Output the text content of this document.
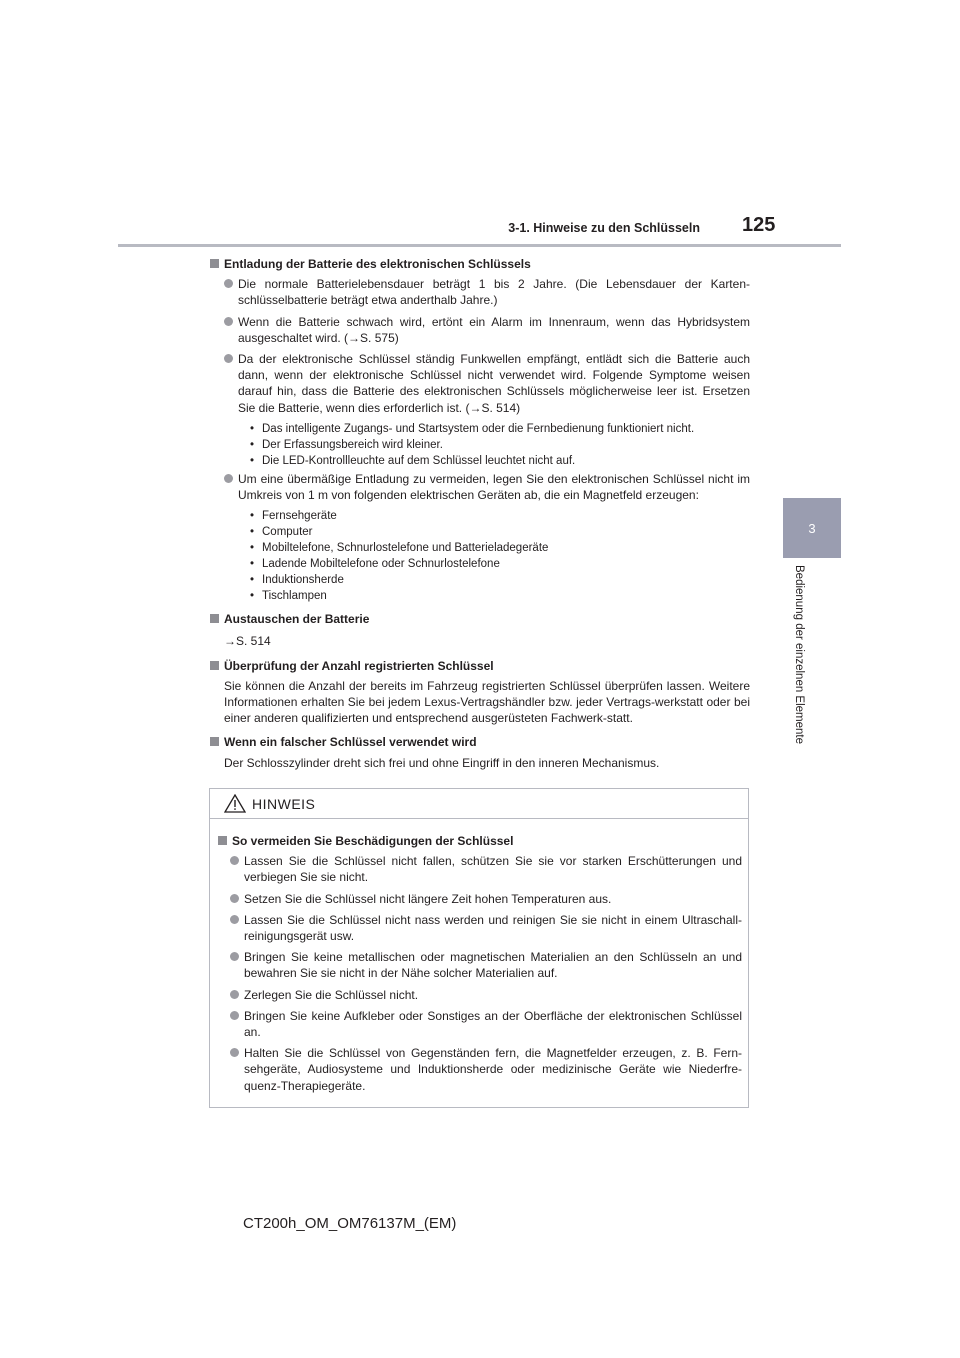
3-1. Hinweise zu den Schlüsseln 125
3
Bedienung der einzelnen Elemente
Entladung der Batterie des elektronischen Schlüssels
Die normale Batterielebensdauer beträgt 1 bis 2 Jahre. (Die Lebensdauer der Karten-schlüsselbatterie beträgt etwa anderthalb Jahre.)
Wenn die Batterie schwach wird, ertönt ein Alarm im Innenraum, wenn das Hybridsystem ausgeschaltet wird. (→S. 575)
Da der elektronische Schlüssel ständig Funkwellen empfängt, entlädt sich die Batterie auch dann, wenn der elektronische Schlüssel nicht verwendet wird. Folgende Symptome weisen darauf hin, dass die Batterie des elektronischen Schlüssels möglicherweise leer ist. Ersetzen Sie die Batterie, wenn dies erforderlich ist. (→S. 514)
• Das intelligente Zugangs- und Startsystem oder die Fernbedienung funktioniert nicht.
• Der Erfassungsbereich wird kleiner.
• Die LED-Kontrollleuchte auf dem Schlüssel leuchtet nicht auf.
Um eine übermäßige Entladung zu vermeiden, legen Sie den elektronischen Schlüssel nicht im Umkreis von 1 m von folgenden elektrischen Geräten ab, die ein Magnetfeld erzeugen:
• Fernsehgeräte
• Computer
• Mobiltelefone, Schnurlostelefone und Batterieladegeräte
• Ladende Mobiltelefone oder Schnurlostelefone
• Induktionsherde
• Tischlampen
Austauschen der Batterie
→S. 514
Überprüfung der Anzahl registrierten Schlüssel
Sie können die Anzahl der bereits im Fahrzeug registrierten Schlüssel überprüfen lassen. Weitere Informationen erhalten Sie bei jedem Lexus-Vertragshändler bzw. jeder Vertrags-werkstatt oder bei einer anderen qualifizierten und entsprechend ausgerüsteten Fachwerk-statt.
Wenn ein falscher Schlüssel verwendet wird
Der Schlosszylinder dreht sich frei und ohne Eingriff in den inneren Mechanismus.
HINWEIS
So vermeiden Sie Beschädigungen der Schlüssel
Lassen Sie die Schlüssel nicht fallen, schützen Sie sie vor starken Erschütterungen und verbiegen Sie sie nicht.
Setzen Sie die Schlüssel nicht längere Zeit hohen Temperaturen aus.
Lassen Sie die Schlüssel nicht nass werden und reinigen Sie sie nicht in einem Ultraschall-reinigungsgerät usw.
Bringen Sie keine metallischen oder magnetischen Materialien an den Schlüsseln an und bewahren Sie sie nicht in der Nähe solcher Materialien auf.
Zerlegen Sie die Schlüssel nicht.
Bringen Sie keine Aufkleber oder Sonstiges an der Oberfläche der elektronischen Schlüssel an.
Halten Sie die Schlüssel von Gegenständen fern, die Magnetfelder erzeugen, z. B. Fern-sehgeräte, Audiosysteme und Induktionsherde oder medizinische Geräte wie Niederfre-quenz-Therapiegeräte.
CT200h_OM_OM76137M_(EM)
